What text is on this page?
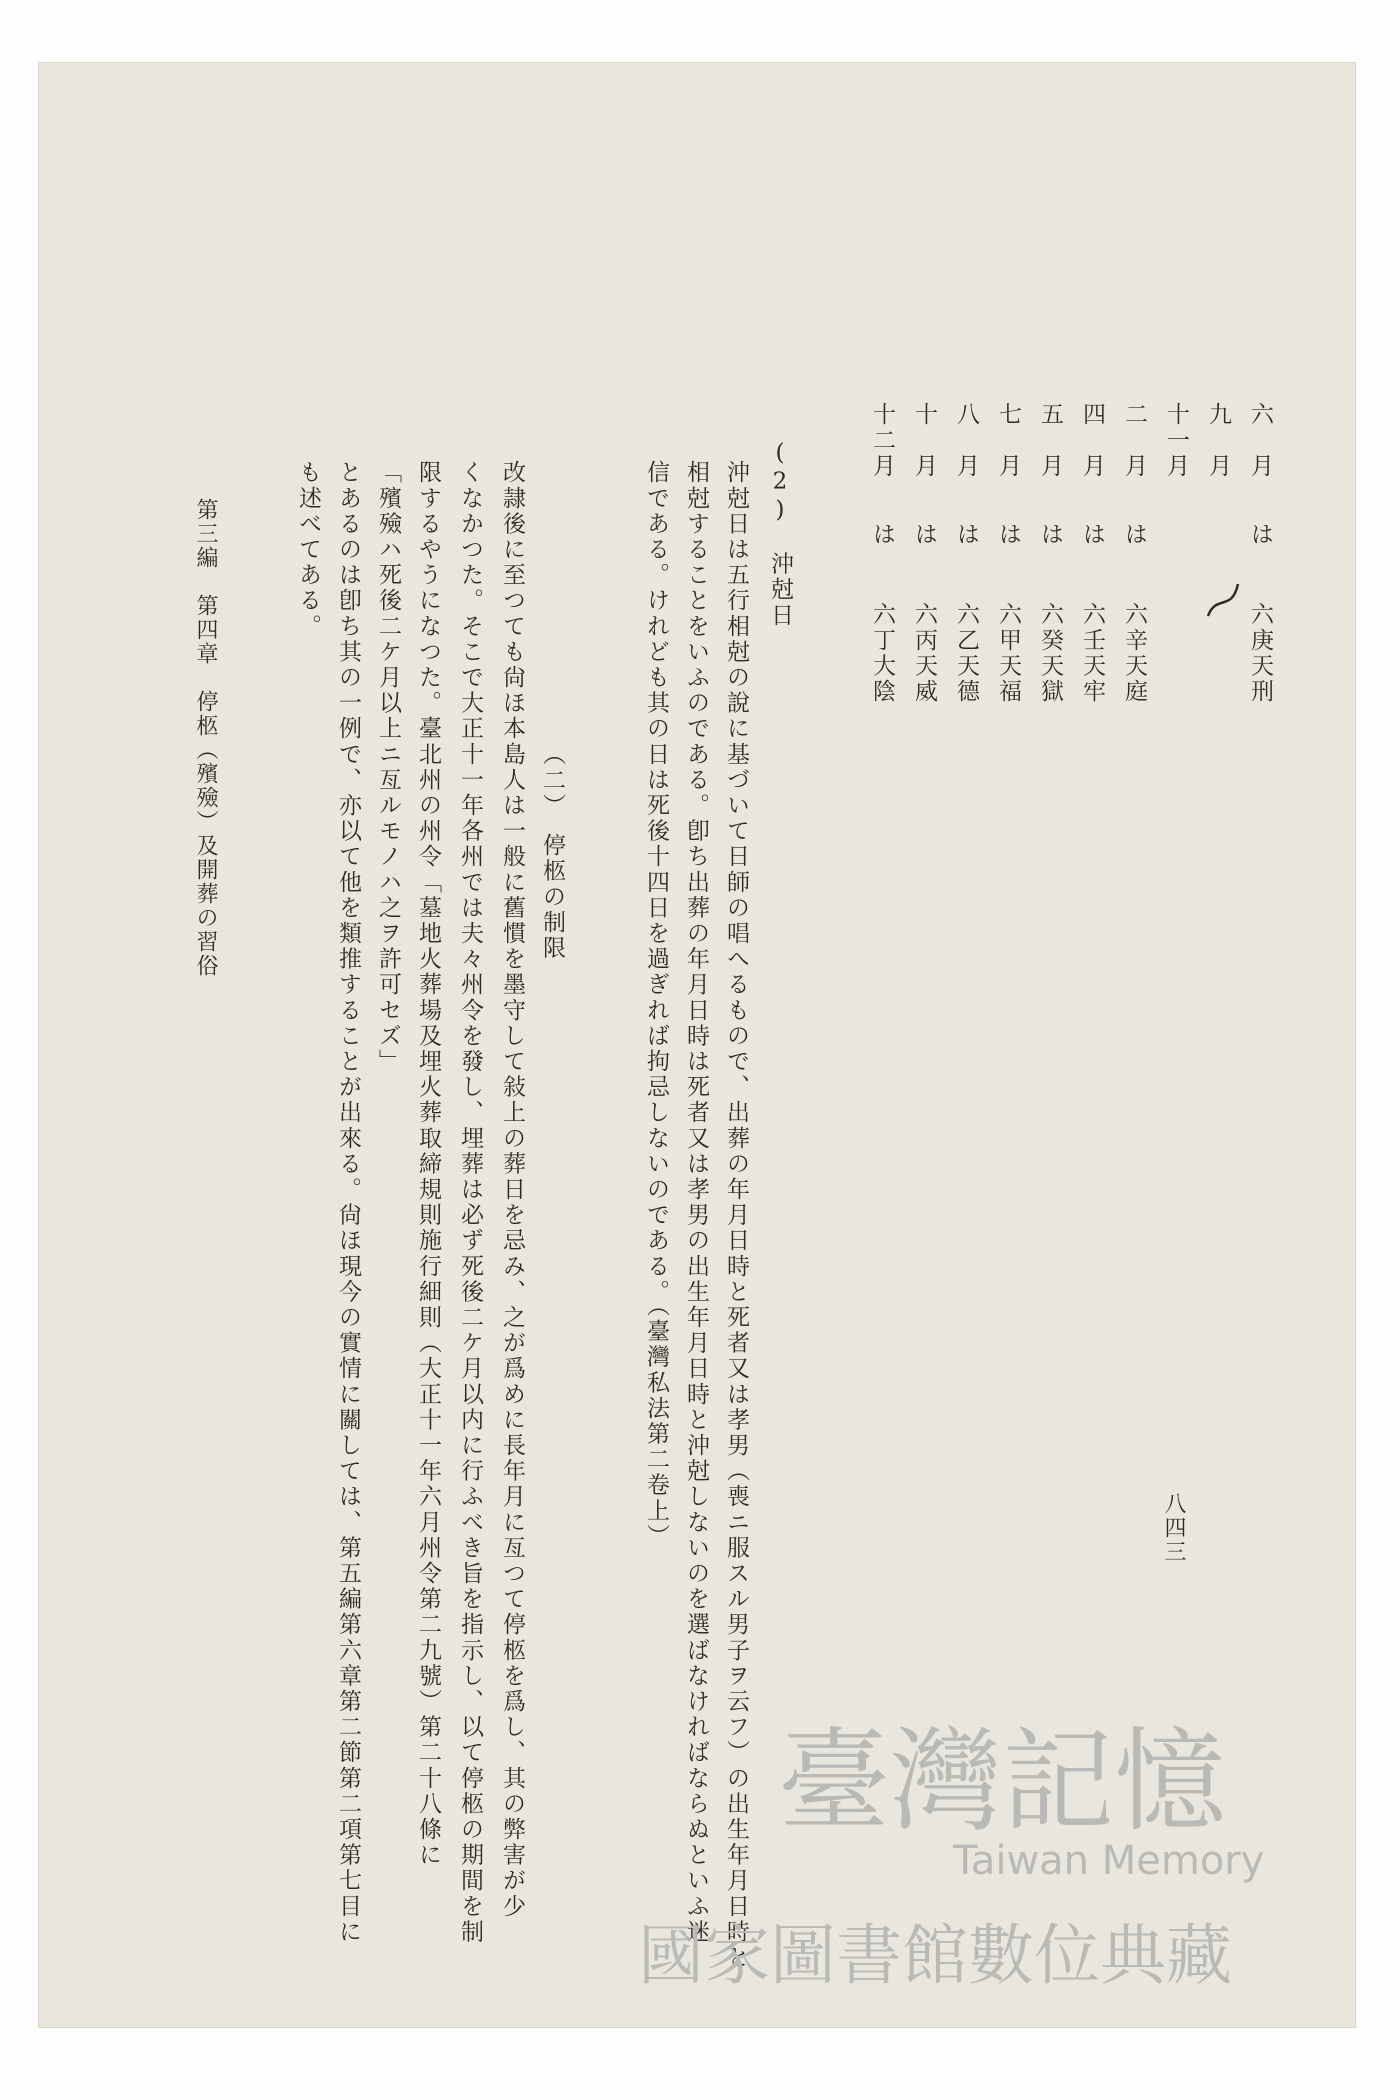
六　月
は
六庚天刑
九　月
十一月
二　月
は
六辛天庭
四　月
は
六壬天牢
五　月
は
六癸天獄
七　月
は
六甲天福
八　月
は
六乙天德
十　月
は
六丙天威
十二月
は
六丁大陰
(2)　沖尅日
沖尅日は五行相尅の說に基づいて日師の唱へるもので、出葬の年月日時と死者又は孝男（喪ニ服スル男子ヲ云フ）の出生年月日時と
相尅することをいふのである。卽ち出葬の年月日時は死者又は孝男の出生年月日時と沖尅しないのを選ばなければならぬといふ迷
信である。けれども其の日は死後十四日を過ぎれば拘忌しないのである。（臺灣私法第二卷上）
（二）　停柩の制限
改隷後に至つても尙ほ本島人は一般に舊慣を墨守して敍上の葬日を忌み、之が爲めに長年月に亙つて停柩を爲し、其の弊害が少
くなかつた。そこで大正十一年各州では夫々州令を發し、埋葬は必ず死後二ケ月以内に行ふべき旨を指示し、以て停柩の期間を制
限するやうになつた。臺北州の州令「墓地火葬場及埋火葬取締規則施行細則（大正十一年六月州令第二九號）第二十八條に
「殯殮ハ死後二ケ月以上ニ亙ルモノハ之ヲ許可セズ」
とあるのは卽ち其の一例で、亦以て他を類推することが出來る。尙ほ現今の實情に關しては、第五編第六章第二節第二項第七目に
も述べてある。
第三編　第四章　停柩（殯殮）及開葬の習俗
八四三
臺灣記憶
Taiwan Memory
國家圖書館數位典藏
